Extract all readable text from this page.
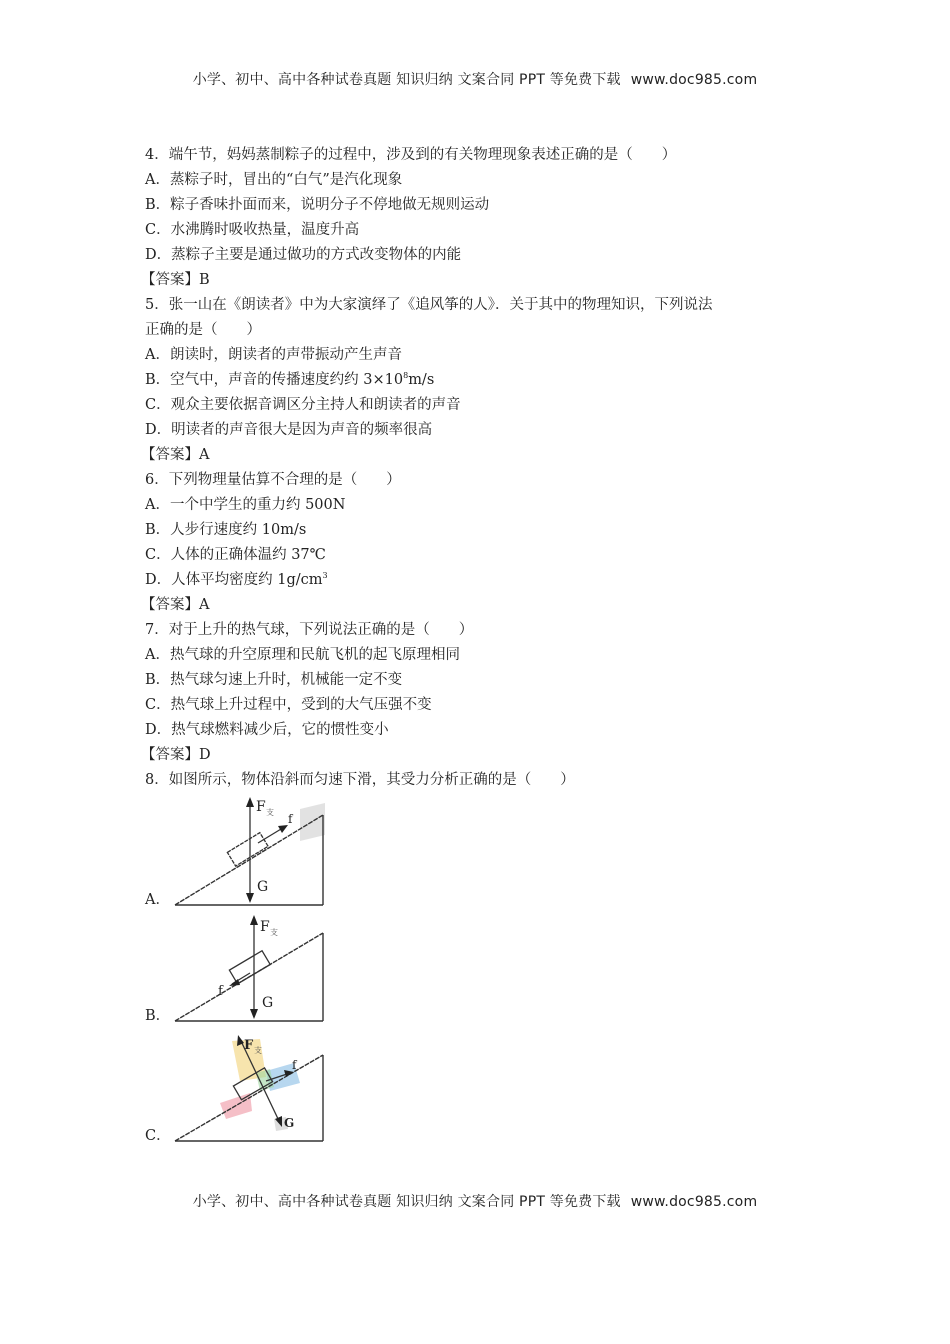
小学、初中、高中各种试卷真题 知识归纳 文案合同 PPT 等免费下载 www.doc985.com
4．端午节，妈妈蒸制粽子的过程中，涉及到的有关物理现象表述正确的是（　　）
A．蒸粽子时，冒出的“白气”是汽化现象
B．粽子香味扑面而来，说明分子不停地做无规则运动
C．水沸腾时吸收热量，温度升高
D．蒸粽子主要是通过做功的方式改变物体的内能
【答案】B
5．张一山在《朗读者》中为大家演绎了《追风筝的人》．关于其中的物理知识，下列说法
正确的是（　　）
A．朗读时，朗读者的声带振动产生声音
B．空气中，声音的传播速度约约 $3\times 10^8m/s$
C．观众主要依据音调区分主持人和朗读者的声音
D．明读者的声音很大是因为声音的频率很高
【答案】A
6．下列物理量估算不合理的是（　　）
A．一个中学生的重力约 500N
B．人步行速度约 10m/s
C．人体的正确体温约 37℃
D．人体平均密度约 $1g/cm^3$
【答案】A
7．对于上升的热气球，下列说法正确的是（　　）
A．热气球的升空原理和民航飞机的起飞原理相同
B．热气球匀速上升时，机械能一定不变
C．热气球上升过程中，受到的大气压强不变
D．热气球燃料减少后，它的惯性变小
【答案】D
8．如图所示，物体沿斜而匀速下滑，其受力分析正确的是（　　）
A．
F 支 f
G
B．
F 支
f
G
C．
F 支
f
G
小学、初中、高中各种试卷真题 知识归纳 文案合同 PPT 等免费下载 www.doc985.com
